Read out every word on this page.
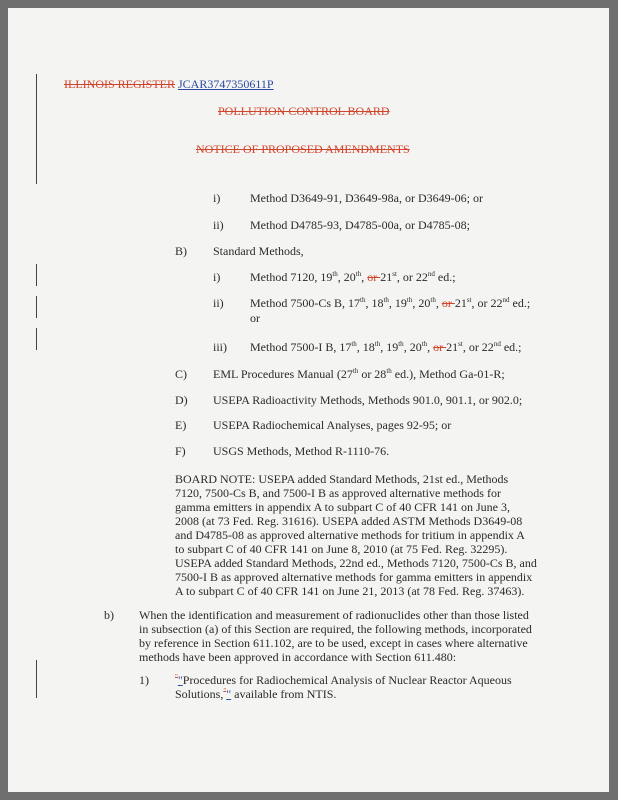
ILLINOIS REGISTER JCAR3747350611P
POLLUTION CONTROL BOARD
NOTICE OF PROPOSED AMENDMENTS
i) Method D3649-91, D3649-98a, or D3649-06; or
ii) Method D4785-93, D4785-00a, or D4785-08;
B) Standard Methods,
i) Method 7120, 19th, 20th, or 21st, or 22nd ed.;
ii) Method 7500-Cs B, 17th, 18th, 19th, 20th, or 21st, or 22nd ed.;
or
iii) Method 7500-I B, 17th, 18th, 19th, 20th, or 21st, or 22nd ed.;
C) EML Procedures Manual (27th or 28th ed.), Method Ga-01-R;
D) USEPA Radioactivity Methods, Methods 901.0, 901.1, or 902.0;
E) USEPA Radiochemical Analyses, pages 92-95; or
F) USGS Methods, Method R-1110-76.
BOARD NOTE: USEPA added Standard Methods, 21st ed., Methods
7120, 7500-Cs B, and 7500-I B as approved alternative methods for
gamma emitters in appendix A to subpart C of 40 CFR 141 on June 3,
2008 (at 73 Fed. Reg. 31616). USEPA added ASTM Methods D3649-08
and D4785-08 as approved alternative methods for tritium in appendix A
to subpart C of 40 CFR 141 on June 8, 2010 (at 75 Fed. Reg. 32295).
USEPA added Standard Methods, 22nd ed., Methods 7120, 7500-Cs B, and
7500-I B as approved alternative methods for gamma emitters in appendix
A to subpart C of 40 CFR 141 on June 21, 2013 (at 78 Fed. Reg. 37463).
b) When the identification and measurement of radionuclides other than those listed
in subsection (a) of this Section are required, the following methods, incorporated
by reference in Section 611.102, are to be used, except in cases where alternative
methods have been approved in accordance with Section 611.480:
1)	""Procedures for Radiochemical Analysis of Nuclear Reactor Aqueous
Solutions,"" available from NTIS.
